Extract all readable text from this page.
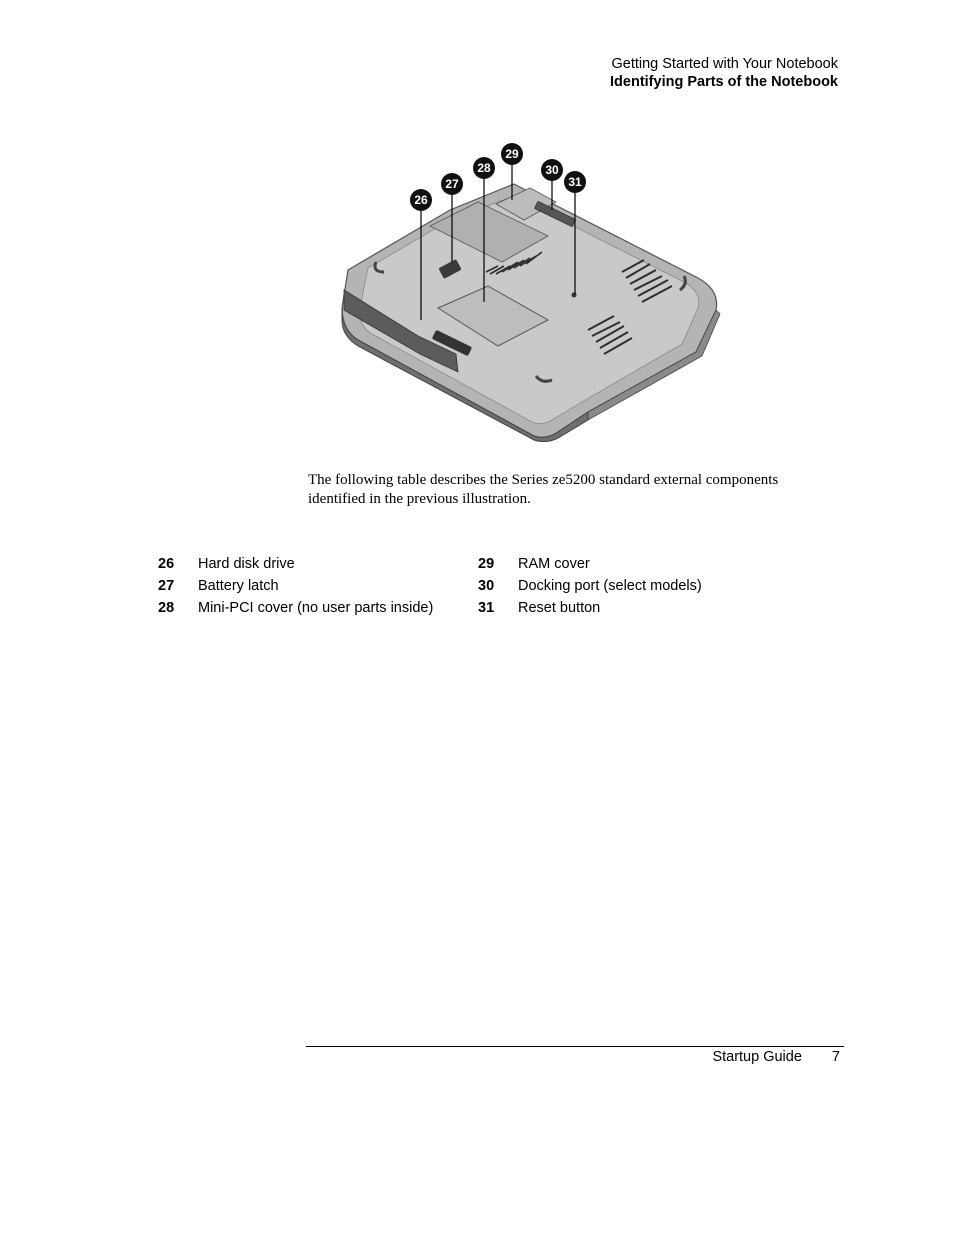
Getting Started with Your Notebook
Identifying Parts of the Notebook
26
27
28
29
30
31
The following table describes the Series ze5200 standard external components identified in the previous illustration.
26 Hard disk drive
27 Battery latch
28 Mini-PCI cover (no user parts inside)
29 RAM cover
30 Docking port (select models)
31 Reset button
Startup Guide 7
